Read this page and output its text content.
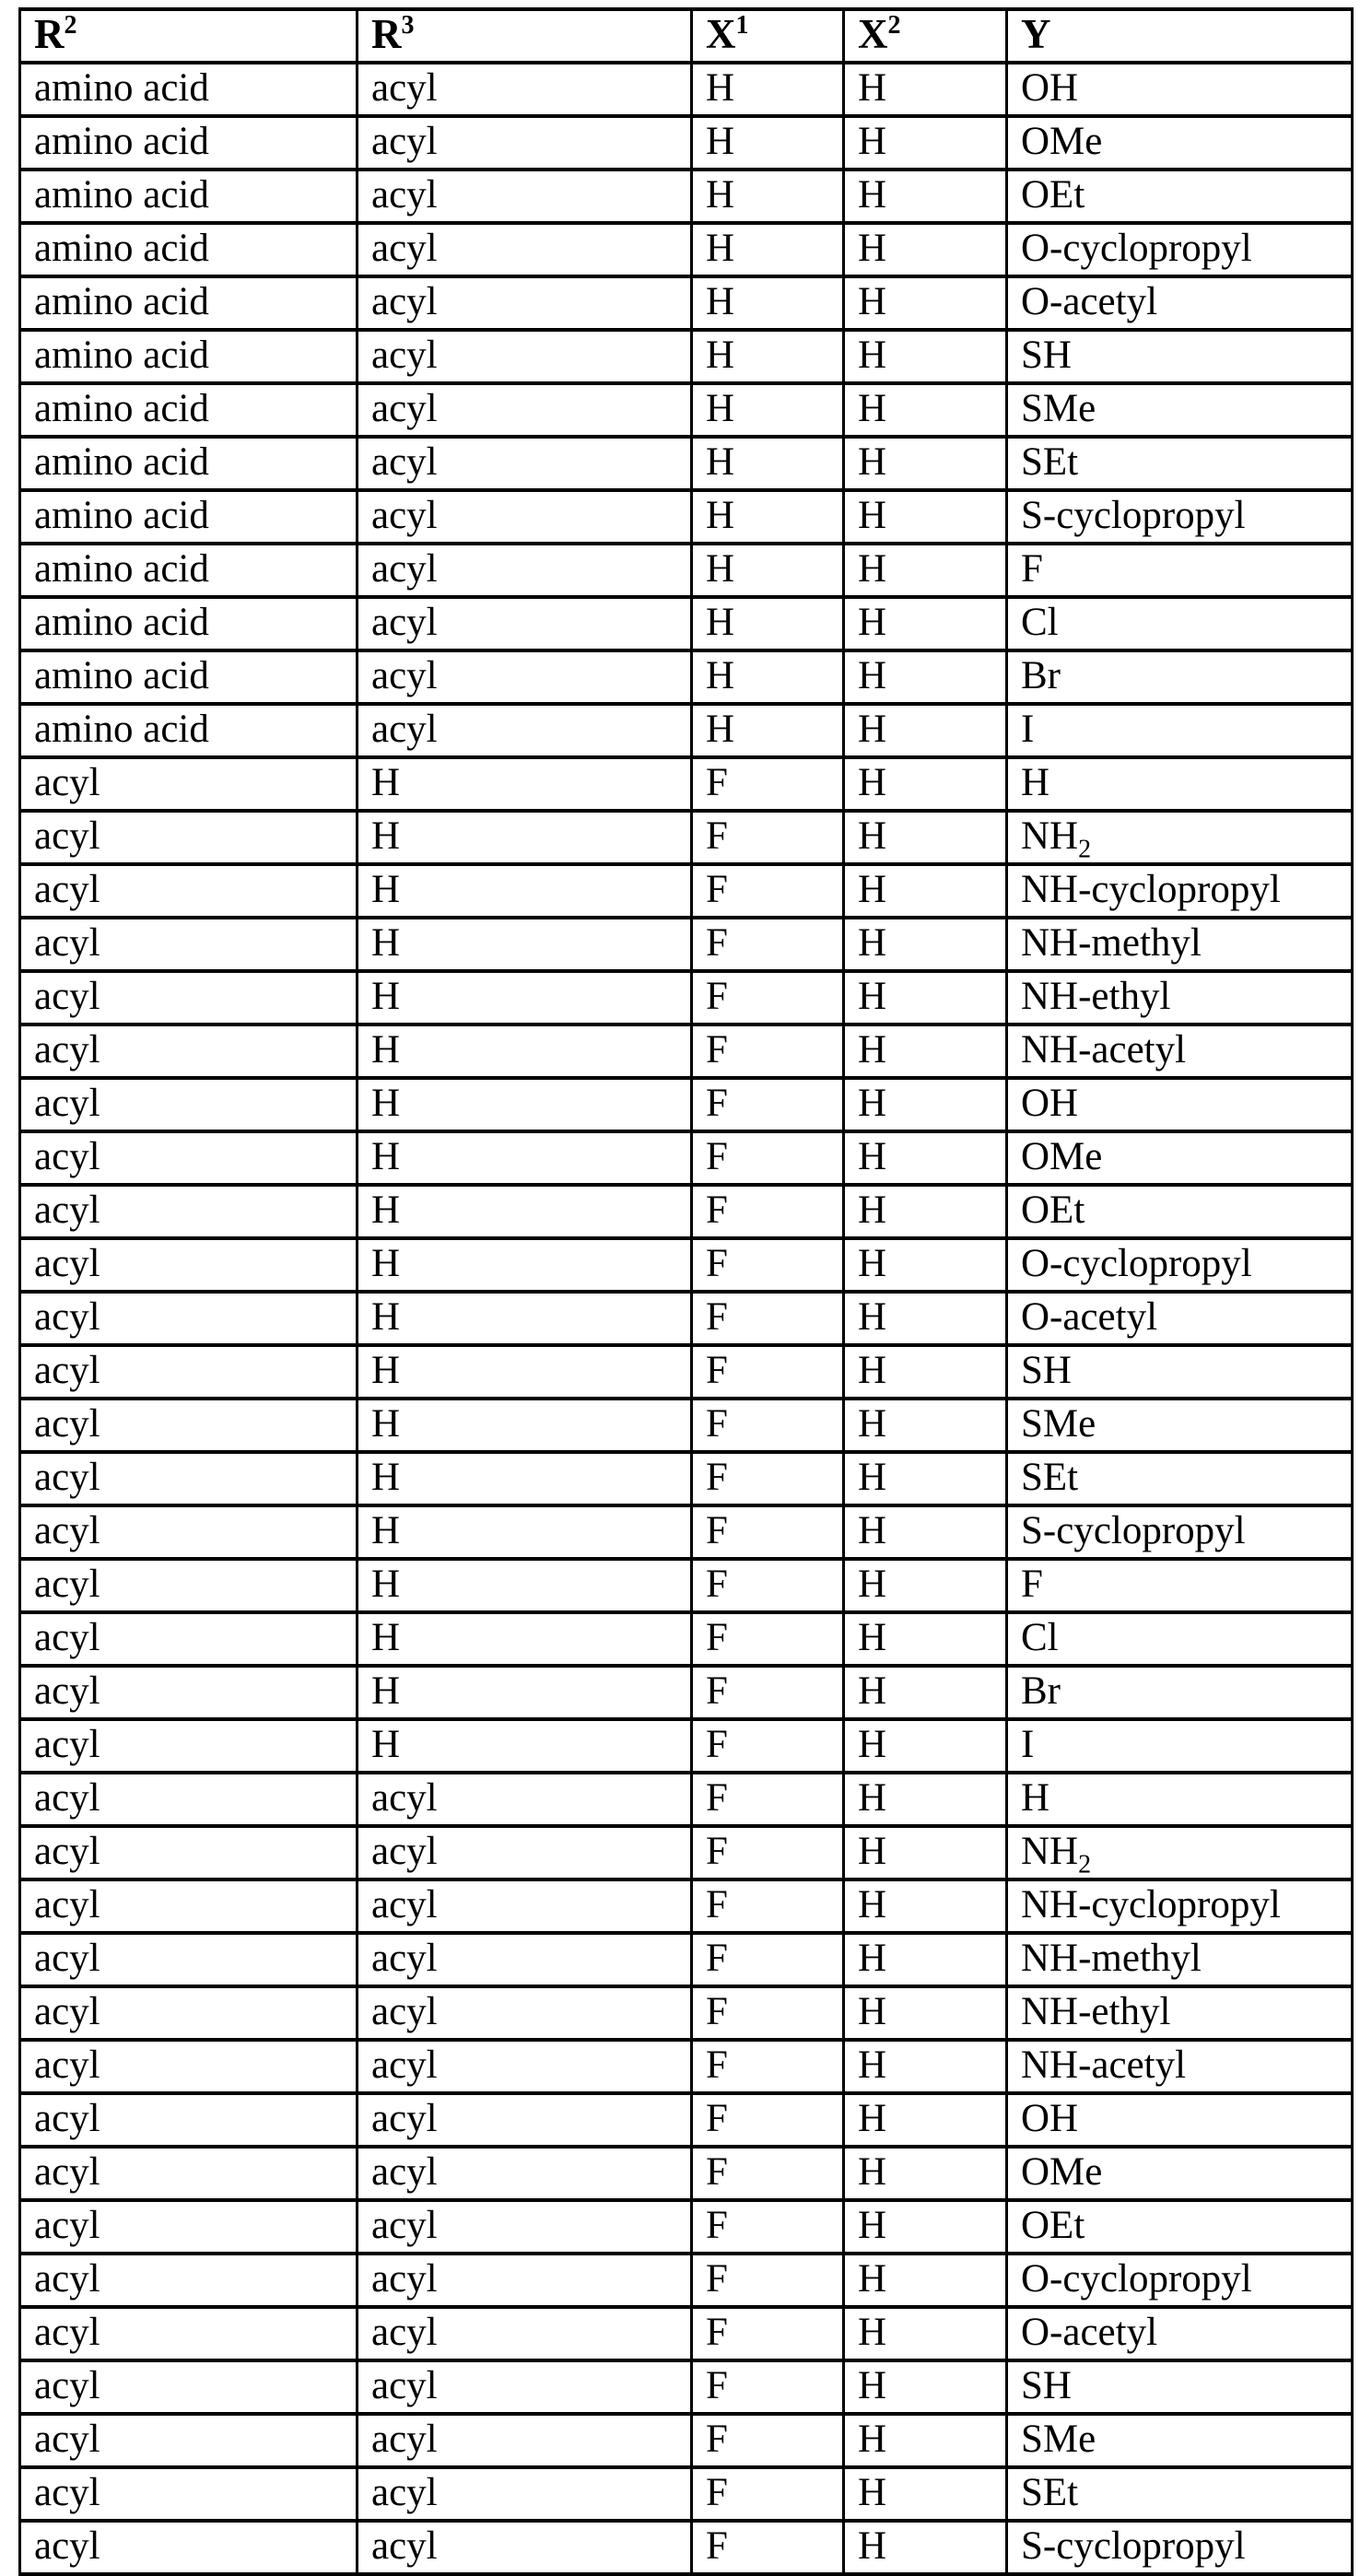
$R^2$	$R^3$	$X^1$	$X^2$	Y
amino acid	acyl	H	H	OH
amino acid	acyl	H	H	OMe
amino acid	acyl	H	H	OEt
amino acid	acyl	H	H	O-cyclopropyl
amino acid	acyl	H	H	O-acetyl
amino acid	acyl	H	H	SH
amino acid	acyl	H	H	SMe
amino acid	acyl	H	H	SEt
amino acid	acyl	H	H	S-cyclopropyl
amino acid	acyl	H	H	F
amino acid	acyl	H	H	Cl
amino acid	acyl	H	H	Br
amino acid	acyl	H	H	I
acyl	H	F	H	H
acyl	H	F	H	$NH_2$
acyl	H	F	H	NH-cyclopropyl
acyl	H	F	H	NH-methyl
acyl	H	F	H	NH-ethyl
acyl	H	F	H	NH-acetyl
acyl	H	F	H	OH
acyl	H	F	H	OMe
acyl	H	F	H	OEt
acyl	H	F	H	O-cyclopropyl
acyl	H	F	H	O-acetyl
acyl	H	F	H	SH
acyl	H	F	H	SMe
acyl	H	F	H	SEt
acyl	H	F	H	S-cyclopropyl
acyl	H	F	H	F
acyl	H	F	H	Cl
acyl	H	F	H	Br
acyl	H	F	H	I
acyl	acyl	F	H	H
acyl	acyl	F	H	$NH_2$
acyl	acyl	F	H	NH-cyclopropyl
acyl	acyl	F	H	NH-methyl
acyl	acyl	F	H	NH-ethyl
acyl	acyl	F	H	NH-acetyl
acyl	acyl	F	H	OH
acyl	acyl	F	H	OMe
acyl	acyl	F	H	OEt
acyl	acyl	F	H	O-cyclopropyl
acyl	acyl	F	H	O-acetyl
acyl	acyl	F	H	SH
acyl	acyl	F	H	SMe
acyl	acyl	F	H	SEt
acyl	acyl	F	H	S-cyclopropyl
